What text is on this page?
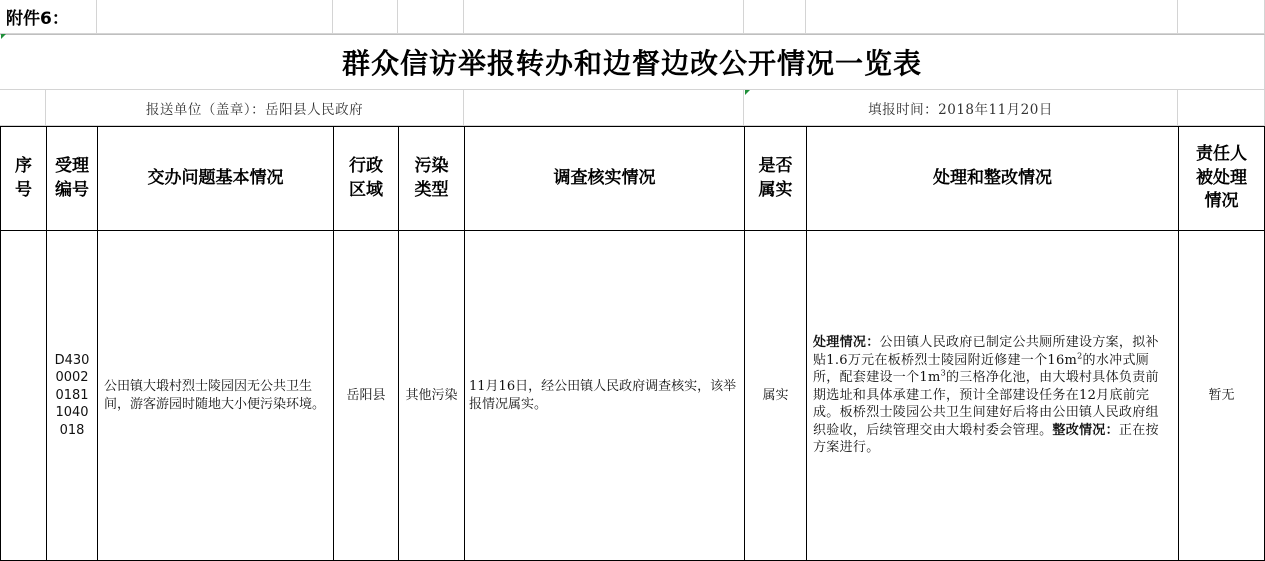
附件6：
群众信访举报转办和边督边改公开情况一览表
报送单位（盖章）：岳阳县人民政府	填报时间：2018年11月20日
序号
受理编号
交办问题基本情况
行政区域
污染类型
调查核实情况
是否属实
处理和整改情况
责任人被处理情况
D430
0002
0181
1040
018
公田镇大塅村烈士陵园因无公共卫生间，游客游园时随地大小便污染环境。
岳阳县	其他污染
11月16日，经公田镇人民政府调查核实，该举报情况属实。
属实
处理情况：公田镇人民政府已制定公共厕所建设方案，拟补贴1.6万元在板桥烈士陵园附近修建一个$16m^2$的水冲式厕所，配套建设一个$1m^3$的三格净化池，由大塅村具体负责前期选址和具体承建工作，预计全部建设任务在12月底前完成。板桥烈士陵园公共卫生间建好后将由公田镇人民政府组织验收，后续管理交由大塅村委会管理。整改情况：正在按方案进行。
暂无
